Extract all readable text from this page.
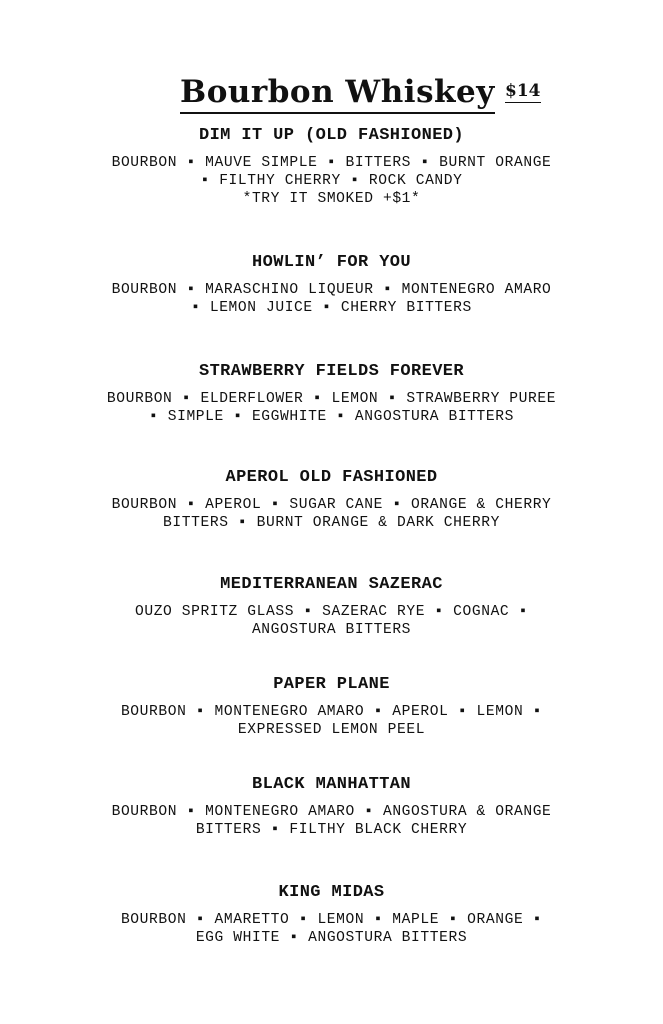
Bourbon Whiskey $14
DIM IT UP (OLD FASHIONED)
BOURBON ▪ MAUVE SIMPLE ▪ BITTERS ▪ BURNT ORANGE
▪ FILTHY CHERRY ▪ ROCK CANDY
*TRY IT SMOKED +$1*
HOWLIN’ FOR YOU
BOURBON ▪ MARASCHINO LIQUEUR ▪ MONTENEGRO AMARO
▪ LEMON JUICE ▪ CHERRY BITTERS
STRAWBERRY FIELDS FOREVER
BOURBON ▪ ELDERFLOWER ▪ LEMON ▪ STRAWBERRY PUREE
▪ SIMPLE ▪ EGGWHITE ▪ ANGOSTURA BITTERS
APEROL OLD FASHIONED
BOURBON ▪ APEROL ▪ SUGAR CANE ▪ ORANGE & CHERRY
BITTERS ▪ BURNT ORANGE & DARK CHERRY
MEDITERRANEAN SAZERAC
OUZO SPRITZ GLASS ▪ SAZERAC RYE ▪ COGNAC ▪
ANGOSTURA BITTERS
PAPER PLANE
BOURBON ▪ MONTENEGRO AMARO ▪ APEROL ▪ LEMON ▪
EXPRESSED LEMON PEEL
BLACK MANHATTAN
BOURBON ▪ MONTENEGRO AMARO ▪ ANGOSTURA & ORANGE
BITTERS ▪ FILTHY BLACK CHERRY
KING MIDAS
BOURBON ▪ AMARETTO ▪ LEMON ▪ MAPLE ▪ ORANGE ▪
EGG WHITE ▪ ANGOSTURA BITTERS
